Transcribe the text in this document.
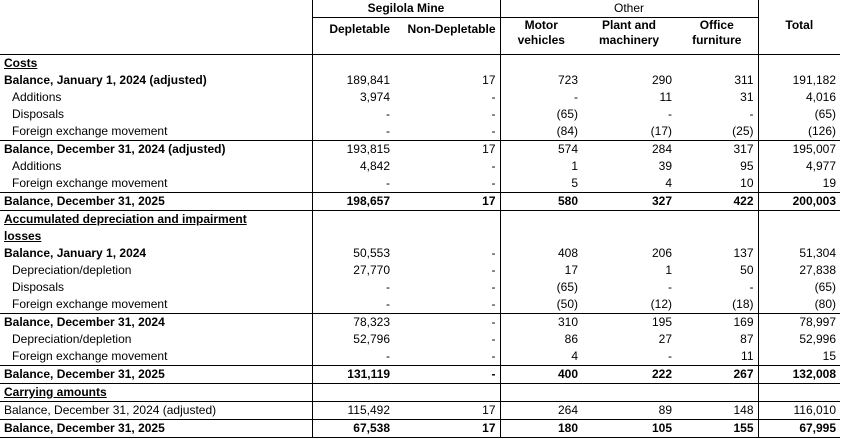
	Segilola Mine		Other			
	Depletable	Non-Depletable	Motor vehicles	Plant and machinery	Office furniture	Total
Costs						
Balance, January 1, 2024 (adjusted)	189,841	17	723	290	311	191,182
Additions	3,974	-	-	11	31	4,016
Disposals	-	-	(65)	-	-	(65)
Foreign exchange movement	-	-	(84)	(17)	(25)	(126)
Balance, December 31, 2024 (adjusted)	193,815	17	574	284	317	195,007
Additions	4,842	-	1	39	95	4,977
Foreign exchange movement	-	-	5	4	10	19
Balance, December 31, 2025	198,657	17	580	327	422	200,003
Accumulated depreciation and impairment						
losses						
Balance, January 1, 2024	50,553	-	408	206	137	51,304
Depreciation/depletion	27,770	-	17	1	50	27,838
Disposals	-	-	(65)	-	-	(65)
Foreign exchange movement	-	-	(50)	(12)	(18)	(80)
Balance, December 31, 2024	78,323	-	310	195	169	78,997
Depreciation/depletion	52,796	-	86	27	87	52,996
Foreign exchange movement	-	-	4	-	11	15
Balance, December 31, 2025	131,119	-	400	222	267	132,008
Carrying amounts						
Balance, December 31, 2024 (adjusted)	115,492	17	264	89	148	116,010
Balance, December 31, 2025	67,538	17	180	105	155	67,995
